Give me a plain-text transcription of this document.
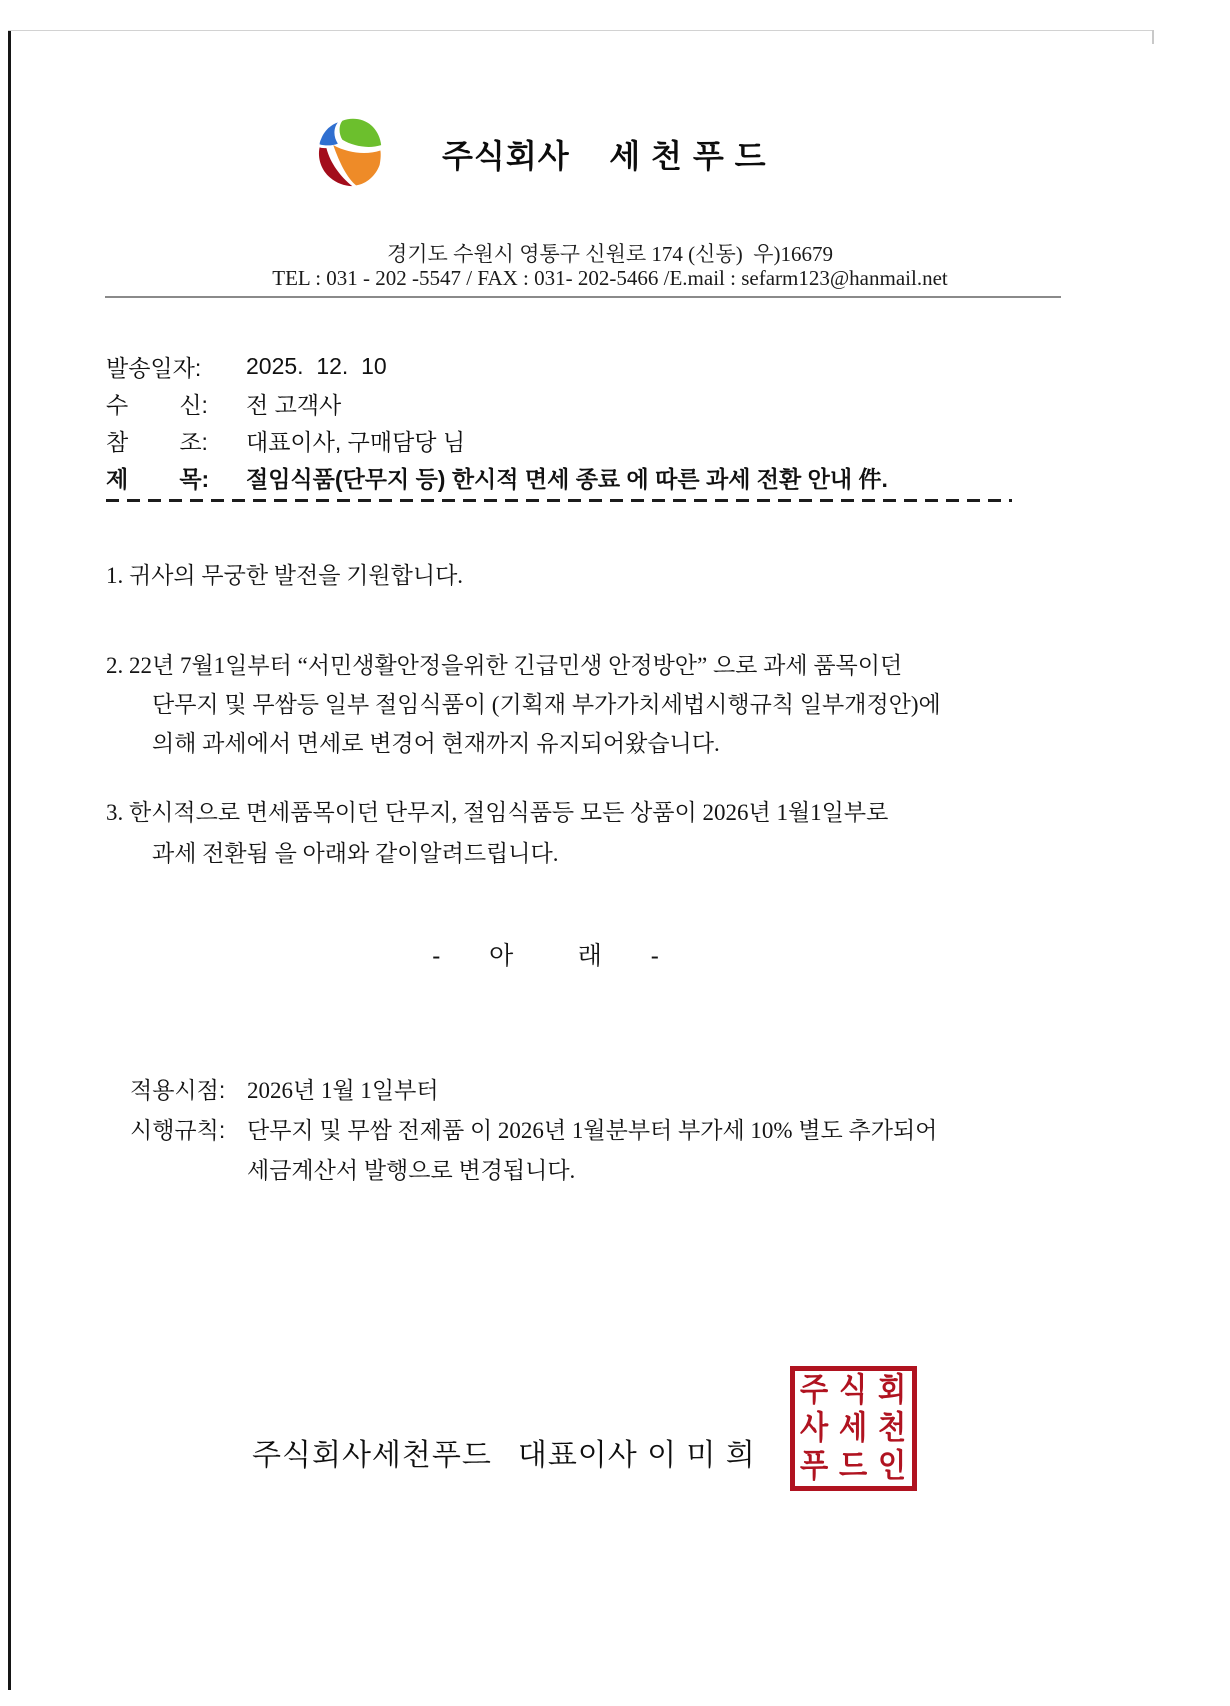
주식회사    세 천 푸 드
경기도 수원시 영통구 신원로 174 (신동)  우)16679
TEL : 031 - 202 -5547 / FAX : 031- 202-5466 /E.mail : sefarm123@hanmail.net
발송일자:	2025.  12.  10
수        신:	전 고객사
참        조:	대표이사, 구매담당 님
제        목:	절임식품(단무지 등) 한시적 면세 종료 에 따른 과세 전환 안내 件.
1. 귀사의 무궁한 발전을 기원합니다.
2. 22년 7월1일부터 “서민생활안정을위한 긴급민생 안정방안” 으로 과세 품목이던
단무지 및 무쌈등 일부 절임식품이 (기획재 부가가치세법시행규칙 일부개정안)에
의해 과세에서 면세로 변경어 현재까지 유지되어왔습니다.
3. 한시적으로 면세품목이던 단무지, 절임식품등 모든 상품이 2026년 1월1일부로
과세 전환됨 을 아래와 같이알려드립니다.
-      아        래      -
적용시점: 2026년 1월 1일부터
시행규칙: 단무지 및 무쌈 전제품 이 2026년 1월분부터 부가세 10% 별도 추가되어
세금계산서 발행으로 변경됩니다.
주식회사세천푸드 대표이사 이 미 희
주 식 회
사 세 천
푸 드 인
